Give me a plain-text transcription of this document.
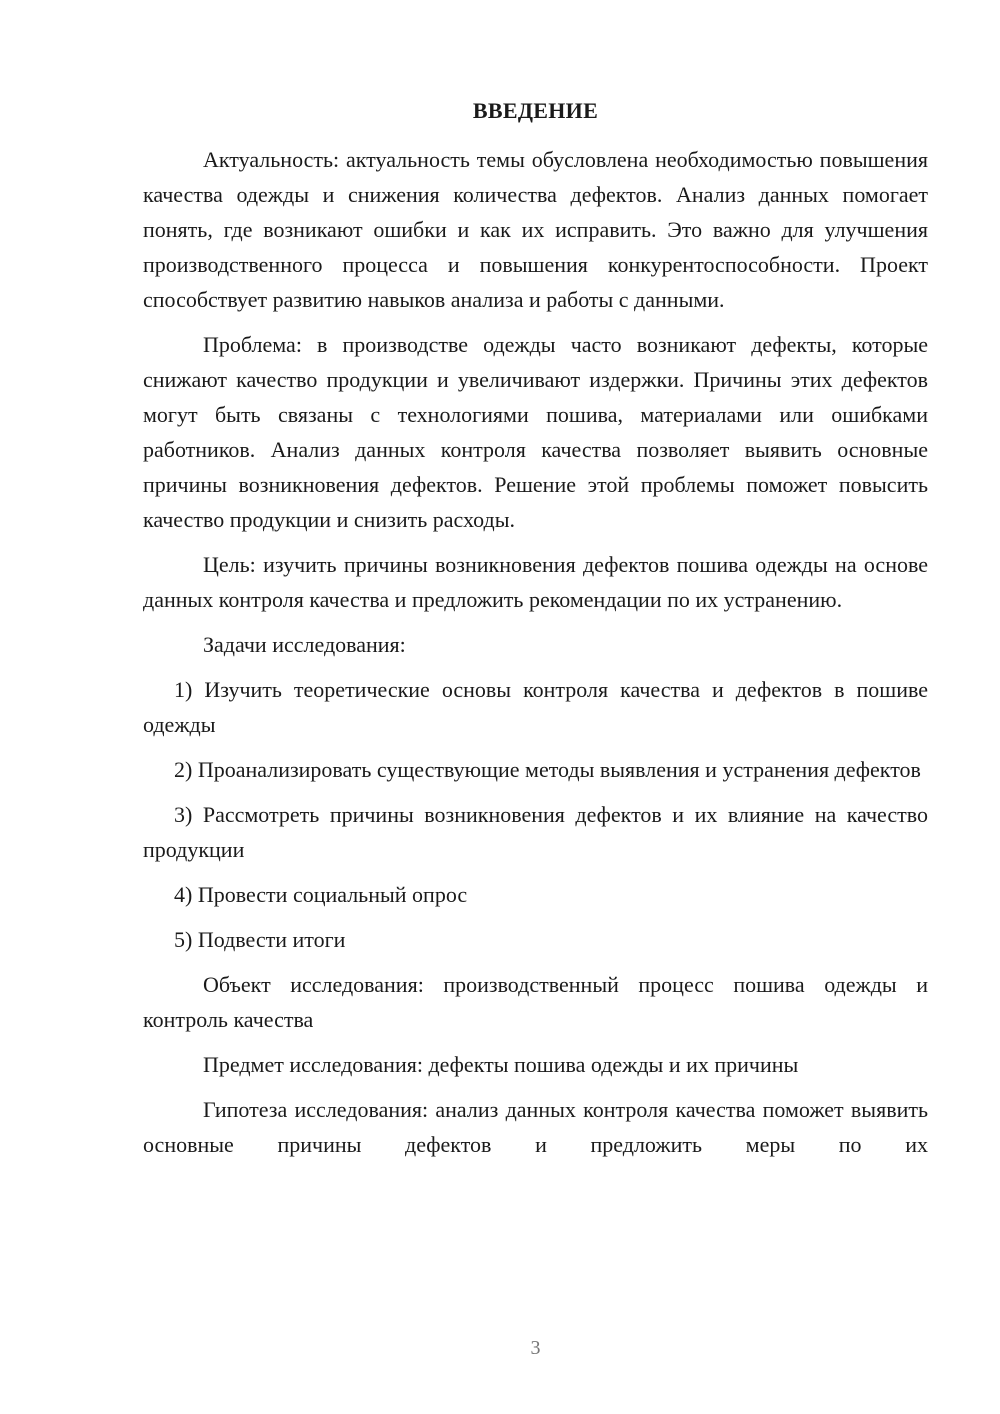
ВВЕДЕНИЕ

Актуальность: актуальность темы обусловлена необходимостью повышения качества одежды и снижения количества дефектов. Анализ данных помогает понять, где возникают ошибки и как их исправить. Это важно для улучшения производственного процесса и повышения конкурентоспособности. Проект способствует развитию навыков анализа и работы с данными.

Проблема: в производстве одежды часто возникают дефекты, которые снижают качество продукции и увеличивают издержки. Причины этих дефектов могут быть связаны с технологиями пошива, материалами или ошибками работников. Анализ данных контроля качества позволяет выявить основные причины возникновения дефектов. Решение этой проблемы поможет повысить качество продукции и снизить расходы.

Цель: изучить причины возникновения дефектов пошива одежды на основе данных контроля качества и предложить рекомендации по их устранению.

Задачи исследования:

1) Изучить теоретические основы контроля качества и дефектов в пошиве одежды

2) Проанализировать существующие методы выявления и устранения дефектов

3) Рассмотреть причины возникновения дефектов и их влияние на качество продукции

4) Провести социальный опрос

5) Подвести итоги

Объект исследования: производственный процесс пошива одежды и контроль качества

Предмет исследования: дефекты пошива одежды и их причины

Гипотеза исследования: анализ данных контроля качества поможет выявить основные причины дефектов и предложить меры по их

3
